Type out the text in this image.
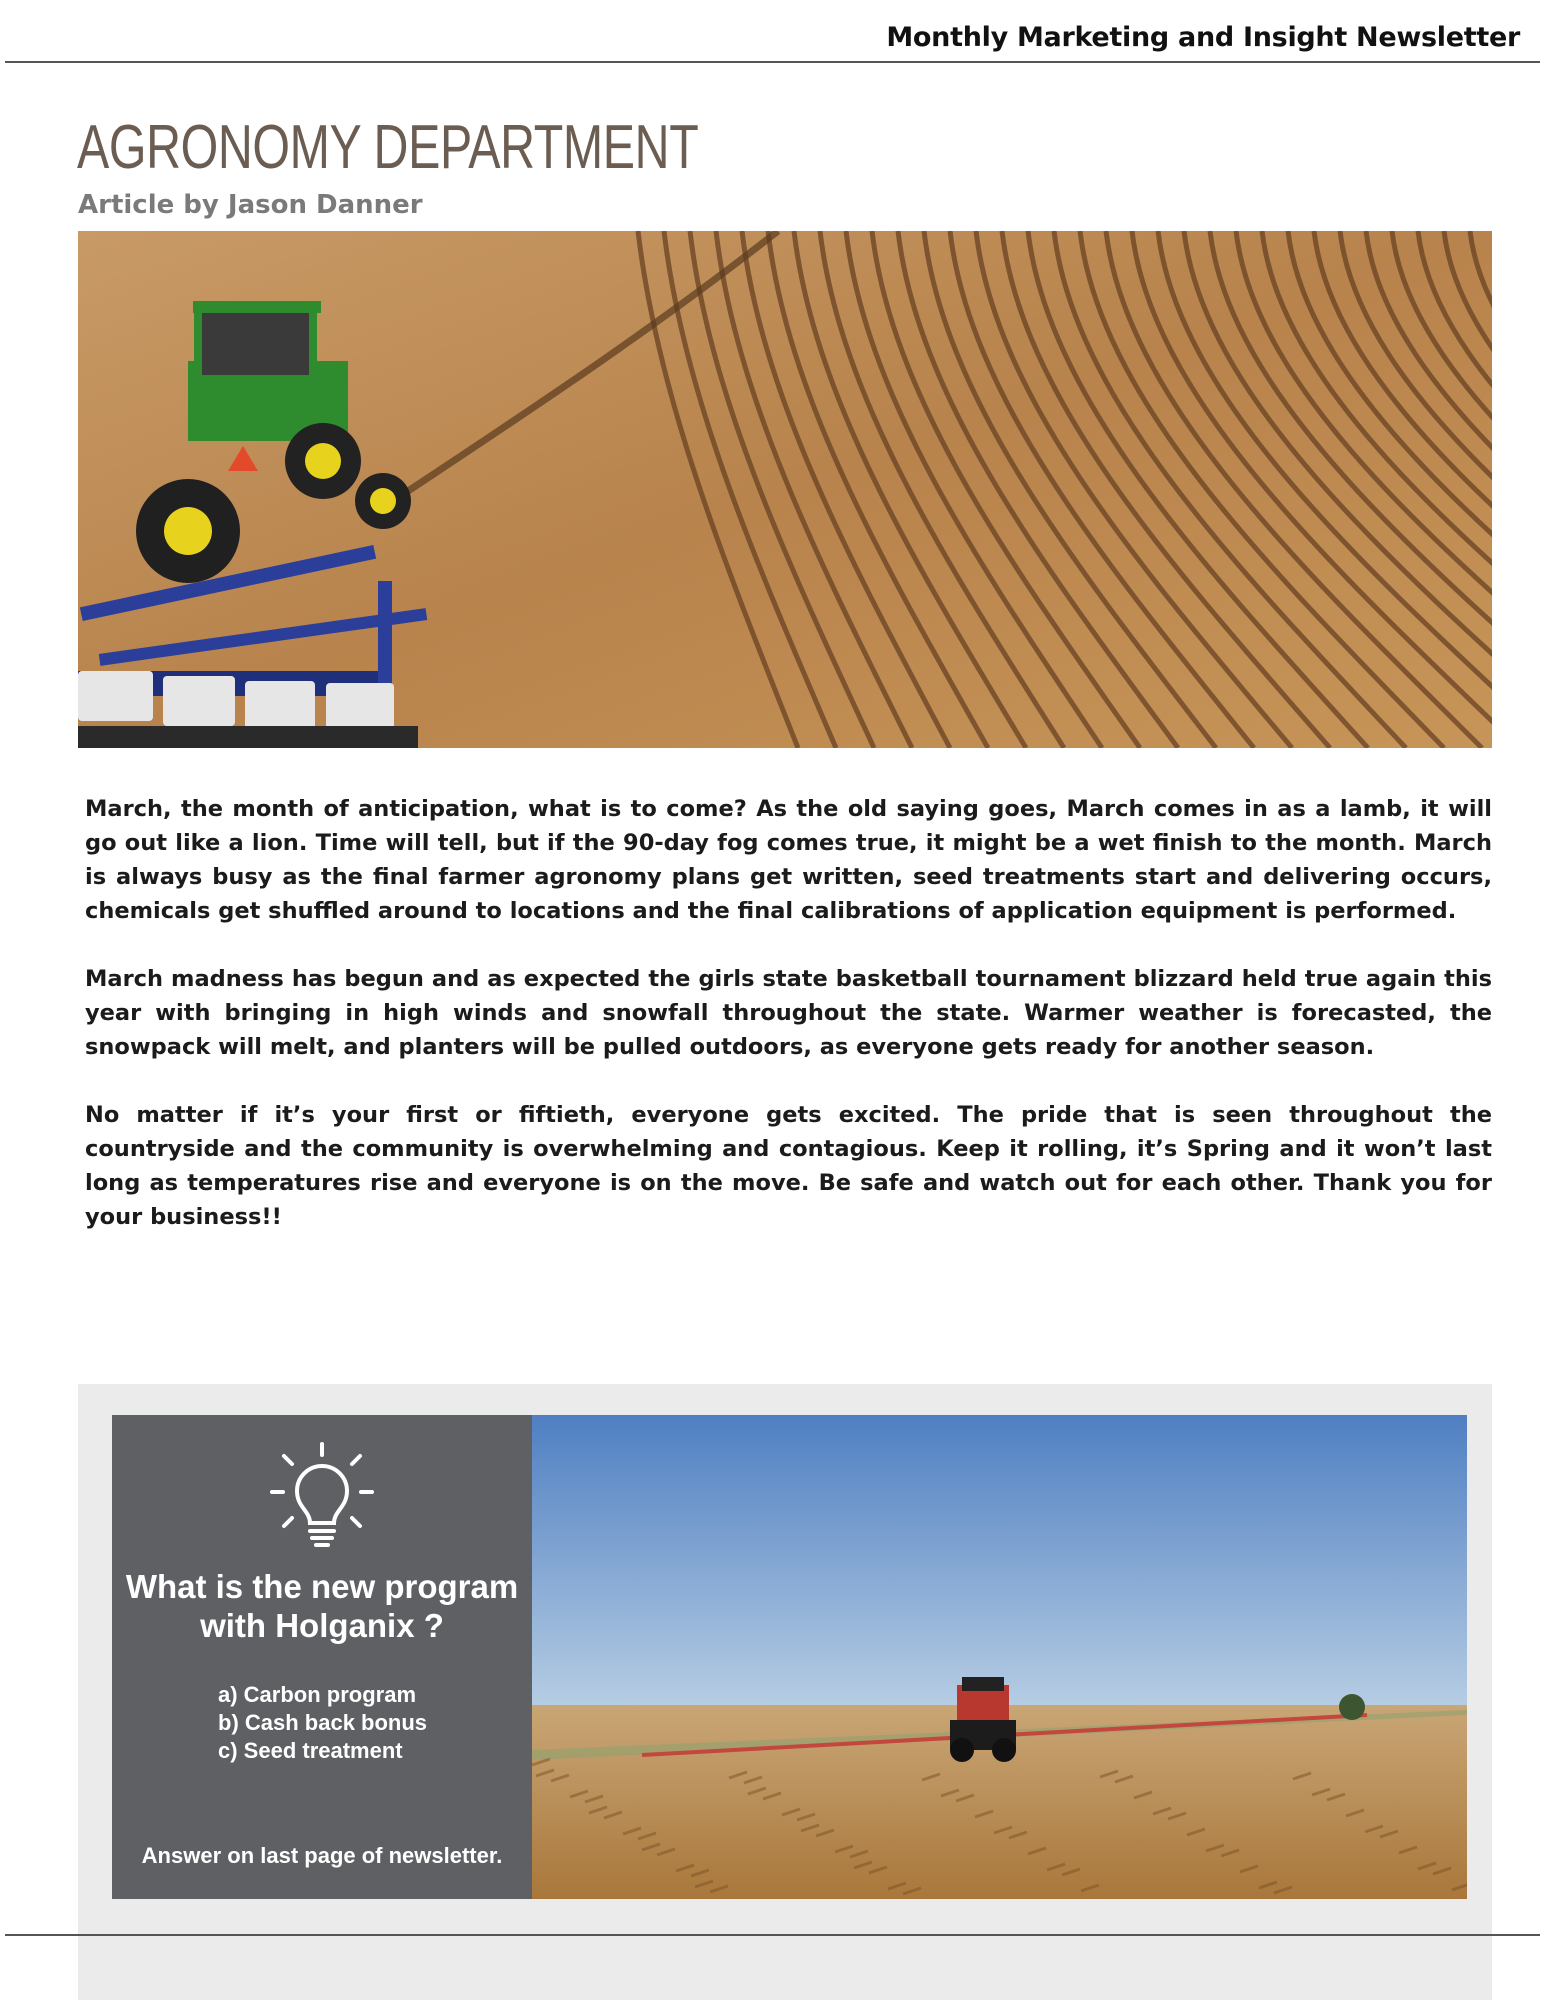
Monthly Marketing and Insight Newsletter
AGRONOMY DEPARTMENT
Article by Jason Danner

March, the month of anticipation, what is to come? As the old saying goes, March comes in as a lamb, it will go out like a lion. Time will tell, but if the 90-day fog comes true, it might be a wet finish to the month. March is always busy as the final farmer agronomy plans get written, seed treatments start and delivering occurs, chemicals get shuffled around to locations and the final calibrations of application equipment is performed.

March madness has begun and as expected the girls state basketball tournament blizzard held true again this year with bringing in high winds and snowfall throughout the state. Warmer weather is forecasted, the snowpack will melt, and planters will be pulled outdoors, as everyone gets ready for another season.

No matter if it’s your first or fiftieth, everyone gets excited. The pride that is seen throughout the countryside and the community is overwhelming and contagious. Keep it rolling, it’s Spring and it won’t last long as temperatures rise and everyone is on the move. Be safe and watch out for each other. Thank you for your business!!

What is the new program with Holganix ?
a) Carbon program
b) Cash back bonus
c) Seed treatment

Answer on last page of newsletter.
